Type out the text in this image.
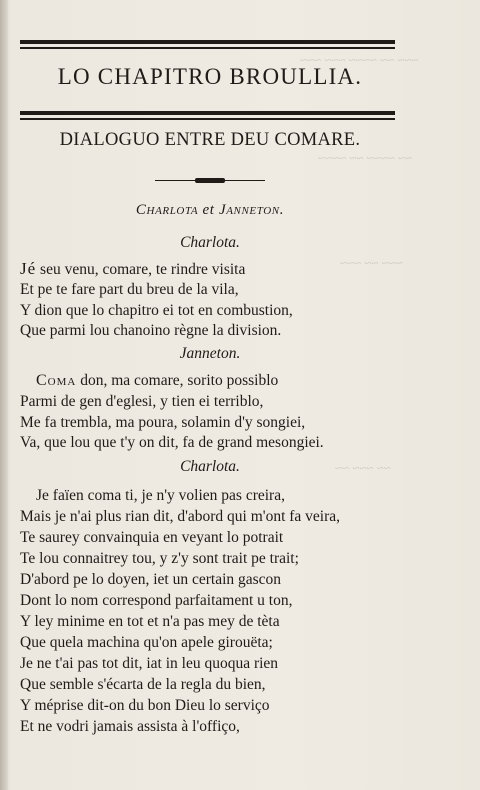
~~~ ~~ ~~~~ ~~~ ~~~
~~ ~~~~ ~~ ~~~~
~~~ ~~ ~~~
~~ ~~~ ~~
LO CHAPITRO BROULLIA.
DIALOGUO ENTRE DEU COMARE.
Charlota et Janneton.
Charlota.
Jé seu venu, comare, te rindre visita
Et pe te fare part du breu de la vila,
Y dion que lo chapitro ei tot en combustion,
Que parmi lou chanoino règne la division.
Janneton.
Coma don, ma comare, sorito possiblo
Parmi de gen d'eglesi, y tien ei terriblo,
Me fa trembla, ma poura, solamin d'y songiei,
Va, que lou que t'y on dit, fa de grand mesongiei.
Charlota.
Je faïen coma ti, je n'y volien pas creira,
Mais je n'ai plus rian dit, d'abord qui m'ont fa veira,
Te saurey convainquia en veyant lo potrait
Te lou connaitrey tou, y z'y sont trait pe trait;
D'abord pe lo doyen, iet un certain gascon
Dont lo nom correspond parfaitament u ton,
Y ley minime en tot et n'a pas mey de tèta
Que quela machina qu'on apele girouëta;
Je ne t'ai pas tot dit, iat in leu quoqua rien
Que semble s'écarta de la regla du bien,
Y méprise dit-on du bon Dieu lo serviço
Et ne vodri jamais assista à l'offiço,
